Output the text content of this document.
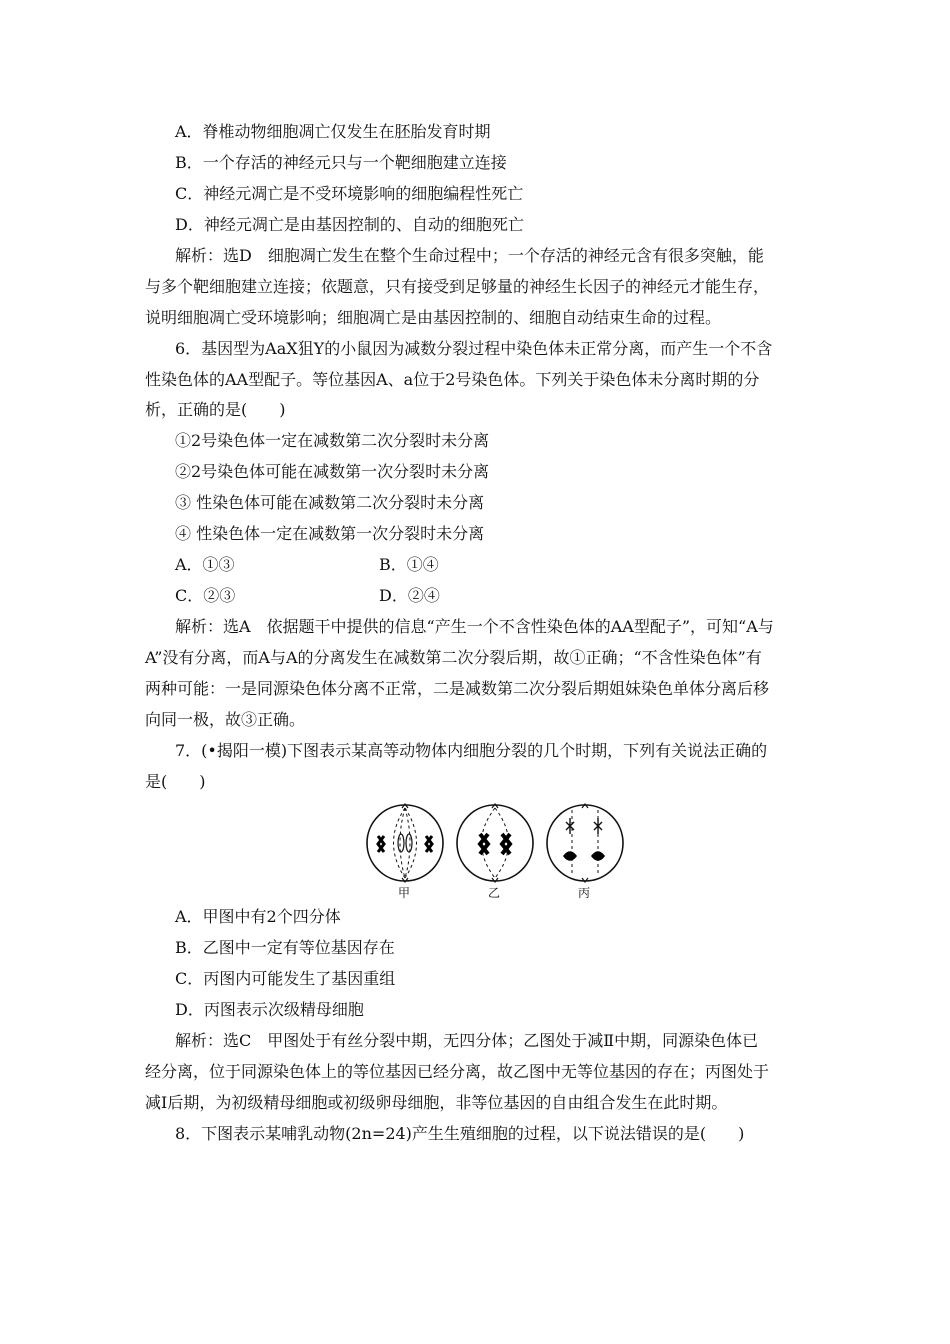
A．脊椎动物细胞凋亡仅发生在胚胎发育时期
B．一个存活的神经元只与一个靶细胞建立连接
C．神经元凋亡是不受环境影响的细胞编程性死亡
D．神经元凋亡是由基因控制的、自动的细胞死亡
解析：选D　细胞凋亡发生在整个生命过程中；一个存活的神经元含有很多突触，能
与多个靶细胞建立连接；依题意，只有接受到足够量的神经生长因子的神经元才能生存，
说明细胞凋亡受环境影响；细胞凋亡是由基因控制的、细胞自动结束生命的过程。
6．基因型为AaX狙Y的小鼠因为减数分裂过程中染色体未正常分离，而产生一个不含
性染色体的AA型配子。等位基因A、a位于2号染色体。下列关于染色体未分离时期的分
析，正确的是(　　)
①2号染色体一定在减数第二次分裂时未分离
②2号染色体可能在减数第一次分裂时未分离
③ 性染色体可能在减数第二次分裂时未分离
④ 性染色体一定在减数第一次分裂时未分离
A．①③	B．①④
C．②③	D．②④
解析：选A　依据题干中提供的信息“产生一个不含性染色体的AA型配子”，可知“A与
A”没有分离，而A与A的分离发生在减数第二次分裂后期，故①正确；“不含性染色体”有
两种可能：一是同源染色体分离不正常，二是减数第二次分裂后期姐妹染色单体分离后移
向同一极，故③正确。
7．(•揭阳一模)下图表示某高等动物体内细胞分裂的几个时期，下列有关说法正确的
是(　　)
甲	乙	丙
A．甲图中有2个四分体
B．乙图中一定有等位基因存在
C．丙图内可能发生了基因重组
D．丙图表示次级精母细胞
解析：选C　甲图处于有丝分裂中期，无四分体；乙图处于减Ⅱ中期，同源染色体已
经分离，位于同源染色体上的等位基因已经分离，故乙图中无等位基因的存在；丙图处于
减Ⅰ后期，为初级精母细胞或初级卵母细胞，非等位基因的自由组合发生在此时期。
8．下图表示某哺乳动物(2n=24)产生生殖细胞的过程，以下说法错误的是(　　)
